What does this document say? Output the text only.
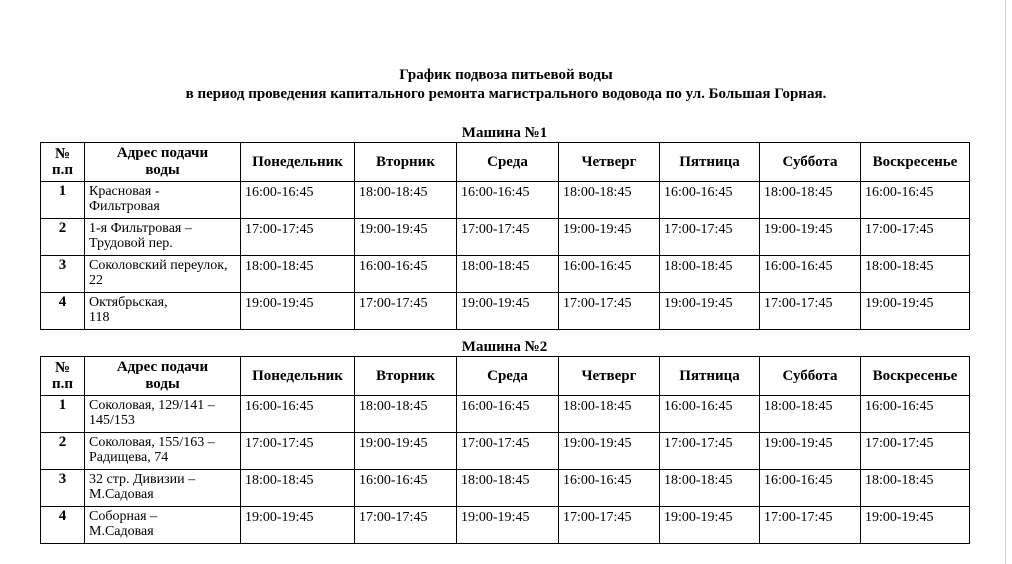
График подвоза питьевой воды
в период проведения капитального ремонта магистрального водовода по ул. Большая Горная.
Машина №1
№
п.п	Адрес подачи
воды	Понедельник	Вторник	Среда	Четверг	Пятница	Суббота	Воскресенье
1	Красновая -
Фильтровая	16:00-16:45	18:00-18:45	16:00-16:45	18:00-18:45	16:00-16:45	18:00-18:45	16:00-16:45
2	1-я Фильтровая –
Трудовой пер.	17:00-17:45	19:00-19:45	17:00-17:45	19:00-19:45	17:00-17:45	19:00-19:45	17:00-17:45
3	Соколовский переулок,
22	18:00-18:45	16:00-16:45	18:00-18:45	16:00-16:45	18:00-18:45	16:00-16:45	18:00-18:45
4	Октябрьская,
118	19:00-19:45	17:00-17:45	19:00-19:45	17:00-17:45	19:00-19:45	17:00-17:45	19:00-19:45
Машина №2
№
п.п	Адрес подачи
воды	Понедельник	Вторник	Среда	Четверг	Пятница	Суббота	Воскресенье
1	Соколовая, 129/141 –
145/153	16:00-16:45	18:00-18:45	16:00-16:45	18:00-18:45	16:00-16:45	18:00-18:45	16:00-16:45
2	Соколовая, 155/163 –
Радищева, 74	17:00-17:45	19:00-19:45	17:00-17:45	19:00-19:45	17:00-17:45	19:00-19:45	17:00-17:45
3	32 стр. Дивизии –
М.Садовая	18:00-18:45	16:00-16:45	18:00-18:45	16:00-16:45	18:00-18:45	16:00-16:45	18:00-18:45
4	Соборная –
М.Садовая	19:00-19:45	17:00-17:45	19:00-19:45	17:00-17:45	19:00-19:45	17:00-17:45	19:00-19:45
